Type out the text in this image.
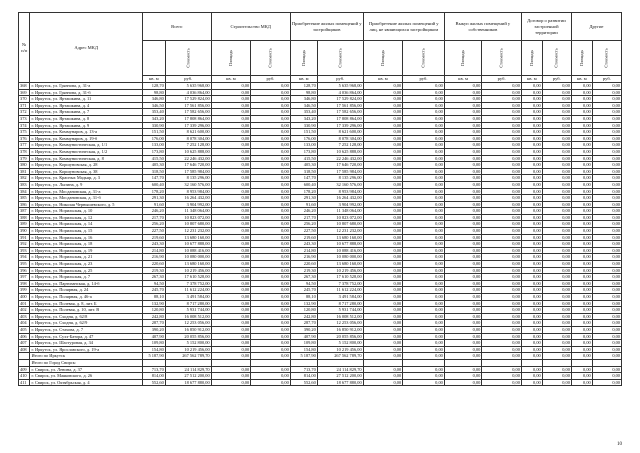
№ п/п	Адрес МКД	Всего		Строительство МКД		Приобретение жилых помещений у застройщиков		Приобретение жилых помещений у лиц, не являющихся застройщиком		Выкуп жилых помещений у собственников		Договор о развитии застроенной территории		Другие	
	Стоимость	Площадь	Стоимость	Площадь	Стоимость	Площадь	Стоимость	Площадь	Стоимость	Площадь	Стоимость	Площадь	Стоимость
		кв. м	руб.	кв. м	руб.	кв. м	руб.	кв. м	руб.	кв. м	руб.	кв. м	руб.	кв. м	руб.
368	г. Иркутск, ул. Грязнова, д. 31-а	128,70	5 635 968,00	0,00	0,00	128,70	5 635 968,00	0,00	0,00	0,00	0,00	0,00	0,00	0,00	0,00
369	г. Иркутск, ул. Грязнова, д. 31-б	98,80	4 036 864,00	0,00	0,00	98,80	4 036 864,00	0,00	0,00	0,00	0,00	0,00	0,00	0,00	0,00
370	г. Иркутск, ул. Ярташкина, д. 11	346,80	17 529 824,00	0,00	0,00	346,80	17 529 824,00	0,00	0,00	0,00	0,00	0,00	0,00	0,00	0,00
371	г. Иркутск, ул. Ярташкина, д. 4	346,50	17 561 856,00	0,00	0,00	346,50	17 561 856,00	0,00	0,00	0,00	0,00	0,00	0,00	0,00	0,00
372	г. Иркутск, ул. Ярташкина, д. 7	353,40	17 582 656,00	0,00	0,00	353,40	17 582 656,00	0,00	0,00	0,00	0,00	0,00	0,00	0,00	0,00
373	г. Иркутск, ул. Ярташкина, д. 8	343,20	17 808 864,00	0,00	0,00	343,20	17 808 864,00	0,00	0,00	0,00	0,00	0,00	0,00	0,00	0,00
374	г. Иркутск, ул. Ярташкина, д. 9	330,90	17 339 296,00	0,00	0,00	330,90	17 339 296,00	0,00	0,00	0,00	0,00	0,00	0,00	0,00	0,00
375	г. Иркутск, ул. Коммунаров, д. 13-а	151,50	8 621 600,00	0,00	0,00	151,50	8 621 600,00	0,00	0,00	0,00	0,00	0,00	0,00	0,00	0,00
376	г. Иркутск, ул. Коммунаров, д. 19-б	176,00	8 078 304,00	0,00	0,00	176,00	8 078 304,00	0,00	0,00	0,00	0,00	0,00	0,00	0,00	0,00
377	г. Иркутск, ул. Коммунистическая, д. 1/1	133,00	7 252 128,00	0,00	0,00	133,00	7 252 128,00	0,00	0,00	0,00	0,00	0,00	0,00	0,00	0,00
378	г. Иркутск, ул. Коммунистическая, д. 1/2	173,80	10 625 888,00	0,00	0,00	173,80	10 625 888,00	0,00	0,00	0,00	0,00	0,00	0,00	0,00	0,00
379	г. Иркутск, ул. Коммунистическая, д. 8	415,50	22 246 432,00	0,00	0,00	415,50	22 246 432,00	0,00	0,00	0,00	0,00	0,00	0,00	0,00	0,00
380	г. Иркутск, ул. Коршуновская, д. 28	405,30	17 646 720,00	0,00	0,00	405,30	17 646 720,00	0,00	0,00	0,00	0,00	0,00	0,00	0,00	0,00
381	г. Иркутск, ул. Коршуновская, д. 38	318,50	17 585 984,00	0,00	0,00	318,50	17 585 984,00	0,00	0,00	0,00	0,00	0,00	0,00	0,00	0,00
382	г. Иркутск, ул. Красных Мадьяр, д. 3	147,70	8 135 296,00	0,00	0,00	147,70	8 135 296,00	0,00	0,00	0,00	0,00	0,00	0,00	0,00	0,00
383	г. Иркутск, ул. Лызина, д. 9	600,40	32 160 576,00	0,00	0,00	600,40	32 160 576,00	0,00	0,00	0,00	0,00	0,00	0,00	0,00	0,00
384	г. Иркутск, ул. Мосдановская, д. 31-а	178,20	8 953 984,00	0,00	0,00	178,20	8 953 984,00	0,00	0,00	0,00	0,00	0,00	0,00	0,00	0,00
385	г. Иркутск, ул. Мосдановская, д. 31-б	291,30	16 264 432,00	0,00	0,00	291,30	16 264 432,00	0,00	0,00	0,00	0,00	0,00	0,00	0,00	0,00
386	г. Иркутск, ул. Николая Чернышевского, д. 5	91,60	3 904 992,00	0,00	0,00	91,60	3 904 992,00	0,00	0,00	0,00	0,00	0,00	0,00	0,00	0,00
387	г. Иркутск, ул. Норильская, д. 10	246,20	11 348 064,00	0,00	0,00	246,20	11 348 064,00	0,00	0,00	0,00	0,00	0,00	0,00	0,00	0,00
388	г. Иркутск, ул. Норильская, д. 12	217,70	10 823 072,00	0,00	0,00	217,70	10 823 072,00	0,00	0,00	0,00	0,00	0,00	0,00	0,00	0,00
389	г. Иркутск, ул. Норильская, д. 14	256,20	10 807 680,00	0,00	0,00	256,20	10 807 680,00	0,00	0,00	0,00	0,00	0,00	0,00	0,00	0,00
390	г. Иркутск, ул. Норильская, д. 15	227,50	12 231 232,00	0,00	0,00	227,50	12 231 232,00	0,00	0,00	0,00	0,00	0,00	0,00	0,00	0,00
391	г. Иркутск, ул. Норильская, д. 16	219,60	13 680 160,00	0,00	0,00	219,60	13 680 160,00	0,00	0,00	0,00	0,00	0,00	0,00	0,00	0,00
392	г. Иркутск, ул. Норильская, д. 18	243,30	10 677 888,00	0,00	0,00	243,30	10 677 888,00	0,00	0,00	0,00	0,00	0,00	0,00	0,00	0,00
393	г. Иркутск, ул. Норильская, д. 19	214,80	10 088 416,00	0,00	0,00	214,80	10 088 416,00	0,00	0,00	0,00	0,00	0,00	0,00	0,00	0,00
394	г. Иркутск, ул. Норильская, д. 21	216,90	10 080 000,00	0,00	0,00	216,90	10 080 000,00	0,00	0,00	0,00	0,00	0,00	0,00	0,00	0,00
395	г. Иркутск, ул. Норильская, д. 23	220,60	13 680 160,00	0,00	0,00	220,60	13 680 160,00	0,00	0,00	0,00	0,00	0,00	0,00	0,00	0,00
396	г. Иркутск, ул. Норильская, д. 25	219,30	10 219 456,00	0,00	0,00	219,30	10 219 456,00	0,00	0,00	0,00	0,00	0,00	0,00	0,00	0,00
397	г. Иркутск, ул. Норильская, д. 7	267,30	17 610 528,00	0,00	0,00	267,30	17 610 528,00	0,00	0,00	0,00	0,00	0,00	0,00	0,00	0,00
398	г. Иркутск, ул. Партизанская, д. 14-б	94,50	7 378 752,00	0,00	0,00	94,50	7 378 752,00	0,00	0,00	0,00	0,00	0,00	0,00	0,00	0,00
399	г. Иркутск, ул. Полярная, д. 24	245,70	11 612 224,00	0,00	0,00	245,70	11 612 224,00	0,00	0,00	0,00	0,00	0,00	0,00	0,00	0,00
400	г. Иркутск, ул. Полярная, д. 46-а	88,10	3 491 584,00	0,00	0,00	88,10	3 491 584,00	0,00	0,00	0,00	0,00	0,00	0,00	0,00	0,00
401	г. Иркутск, ул. Полевая, д. 8, лит. Б	132,90	8 717 280,00	0,00	0,00	132,90	8 717 280,00	0,00	0,00	0,00	0,00	0,00	0,00	0,00	0,00
402	г. Иркутск, ул. Полевая, д. 10, лит. В	120,80	5 931 744,00	0,00	0,00	120,80	5 931 744,00	0,00	0,00	0,00	0,00	0,00	0,00	0,00	0,00
403	г. Иркутск, ул. Сходня, д. 62/8	242,80	16 008 512,00	0,00	0,00	242,80	16 008 512,00	0,00	0,00	0,00	0,00	0,00	0,00	0,00	0,00
404	г. Иркутск, ул. Сходня, д. 62/9	287,70	12 253 056,00	0,00	0,00	287,70	12 253 056,00	0,00	0,00	0,00	0,00	0,00	0,00	0,00	0,00
405	г. Иркутск, ул. Стахова, д. 7	390,20	16 850 912,00	0,00	0,00	390,20	16 850 912,00	0,00	0,00	0,00	0,00	0,00	0,00	0,00	0,00
406	г. Иркутск, ул. Сухэ-Батора, д. 47	407,90	20 055 856,00	0,00	0,00	407,90	20 055 856,00	0,00	0,00	0,00	0,00	0,00	0,00	0,00	0,00
407	г. Иркутск, ул. Шастуровая, д. 34	109,80	5 152 800,00	0,00	0,00	109,80	5 152 800,00	0,00	0,00	0,00	0,00	0,00	0,00	0,00	0,00
408	г. Иркутск, ул. Ярославского, д. 19-а	154,80	10 219 456,00	0,00	0,00	154,80	10 219 456,00	0,00	0,00	0,00	0,00	0,00	0,00	0,00	0,00
	Итого по Иркутск	5 187,90	267 562 789,70	0,00	0,00	5 187,90	267 562 789,70	0,00	0,00	0,00	0,00	0,00	0,00	0,00	0,00
	Итого по Город Свирск:														
409	г. Свирск, ул. Ленина, д. 37	713,70	24 114 829,70	0,00	0,00	713,70	24 114 829,70	0,00	0,00	0,00	0,00	0,00	0,00	0,00	0,00
410	г. Свирск, ул. Маяковского, д. 26	814,00	27 512 200,00	0,00	0,00	814,00	27 512 200,00	0,00	0,00	0,00	0,00	0,00	0,00	0,00	0,00
411	г. Свирск, ул. Октябрьская, д. 4	552,60	18 677 880,00	0,00	0,00	552,60	18 677 880,00	0,00	0,00	0,00	0,00	0,00	0,00	0,00	0,00
10
